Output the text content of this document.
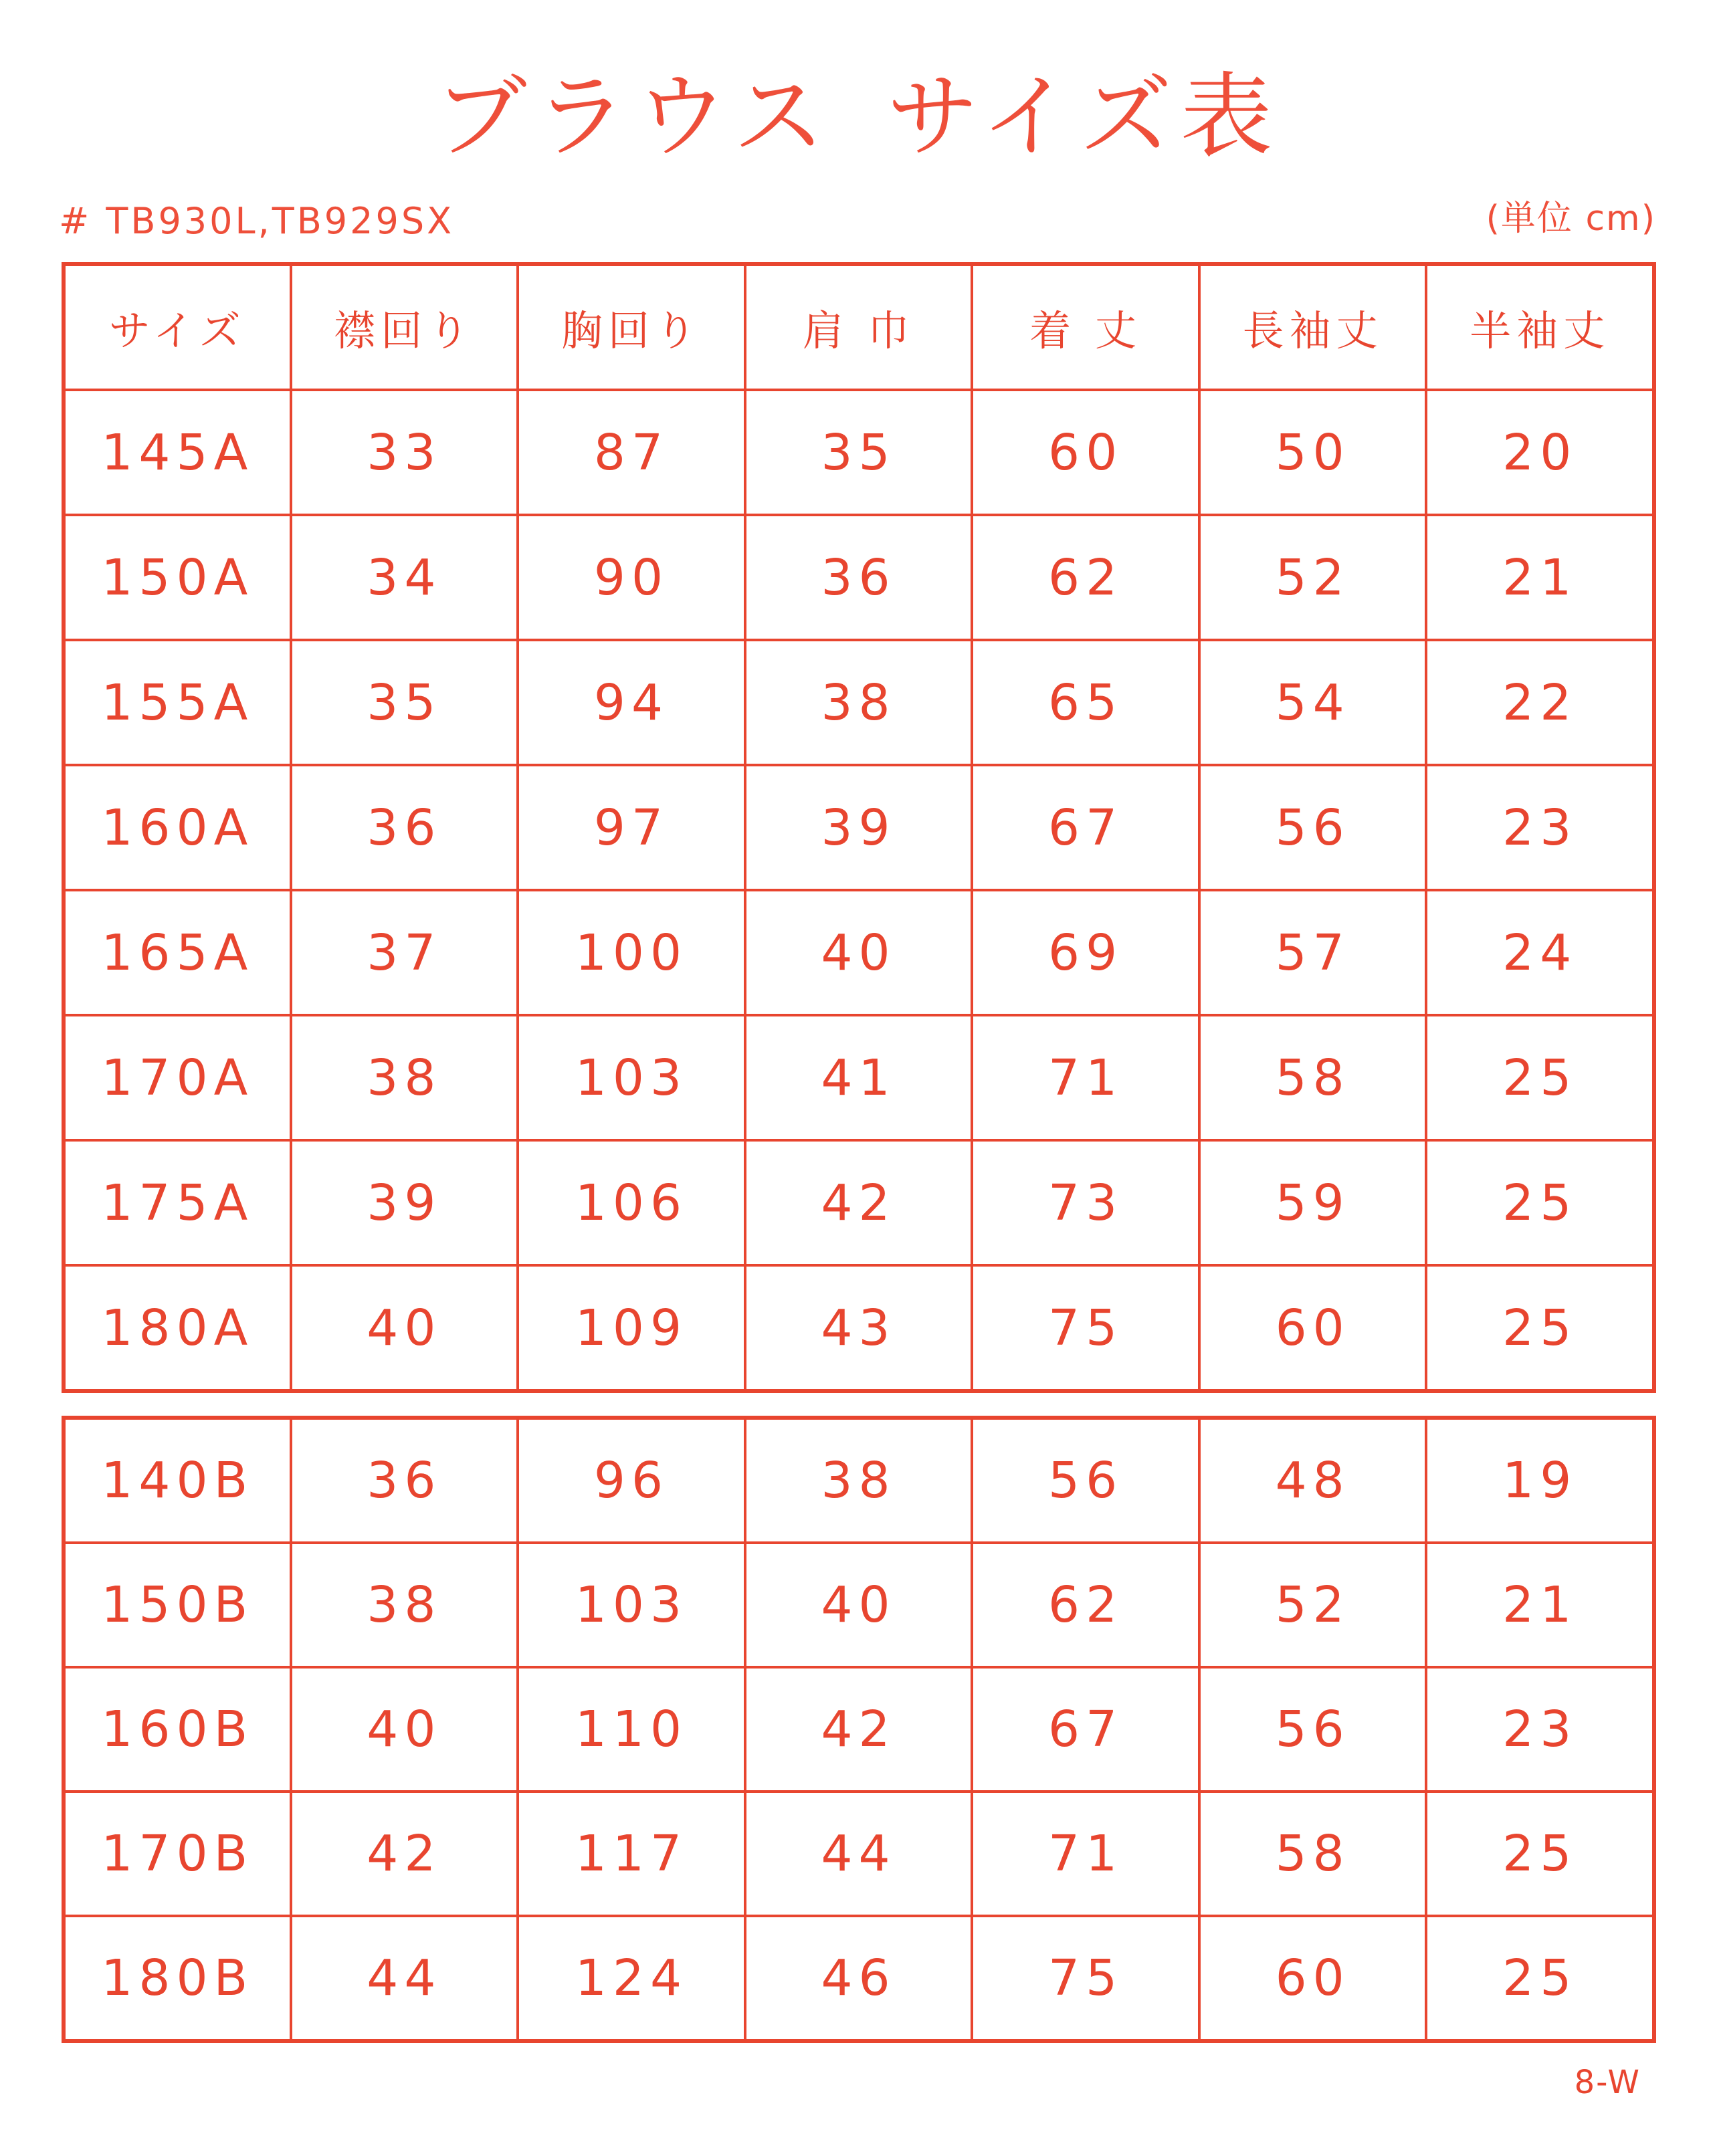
ブラウス サイズ表
# TB930L,TB929SX	(単位 cm)
サイズ	襟回り	胸回り	肩 巾	着 丈	長袖丈	半袖丈
145A	33	87	35	60	50	20
150A	34	90	36	62	52	21
155A	35	94	38	65	54	22
160A	36	97	39	67	56	23
165A	37	100	40	69	57	24
170A	38	103	41	71	58	25
175A	39	106	42	73	59	25
180A	40	109	43	75	60	25
140B	36	96	38	56	48	19
150B	38	103	40	62	52	21
160B	40	110	42	67	56	23
170B	42	117	44	71	58	25
180B	44	124	46	75	60	25
8-W
